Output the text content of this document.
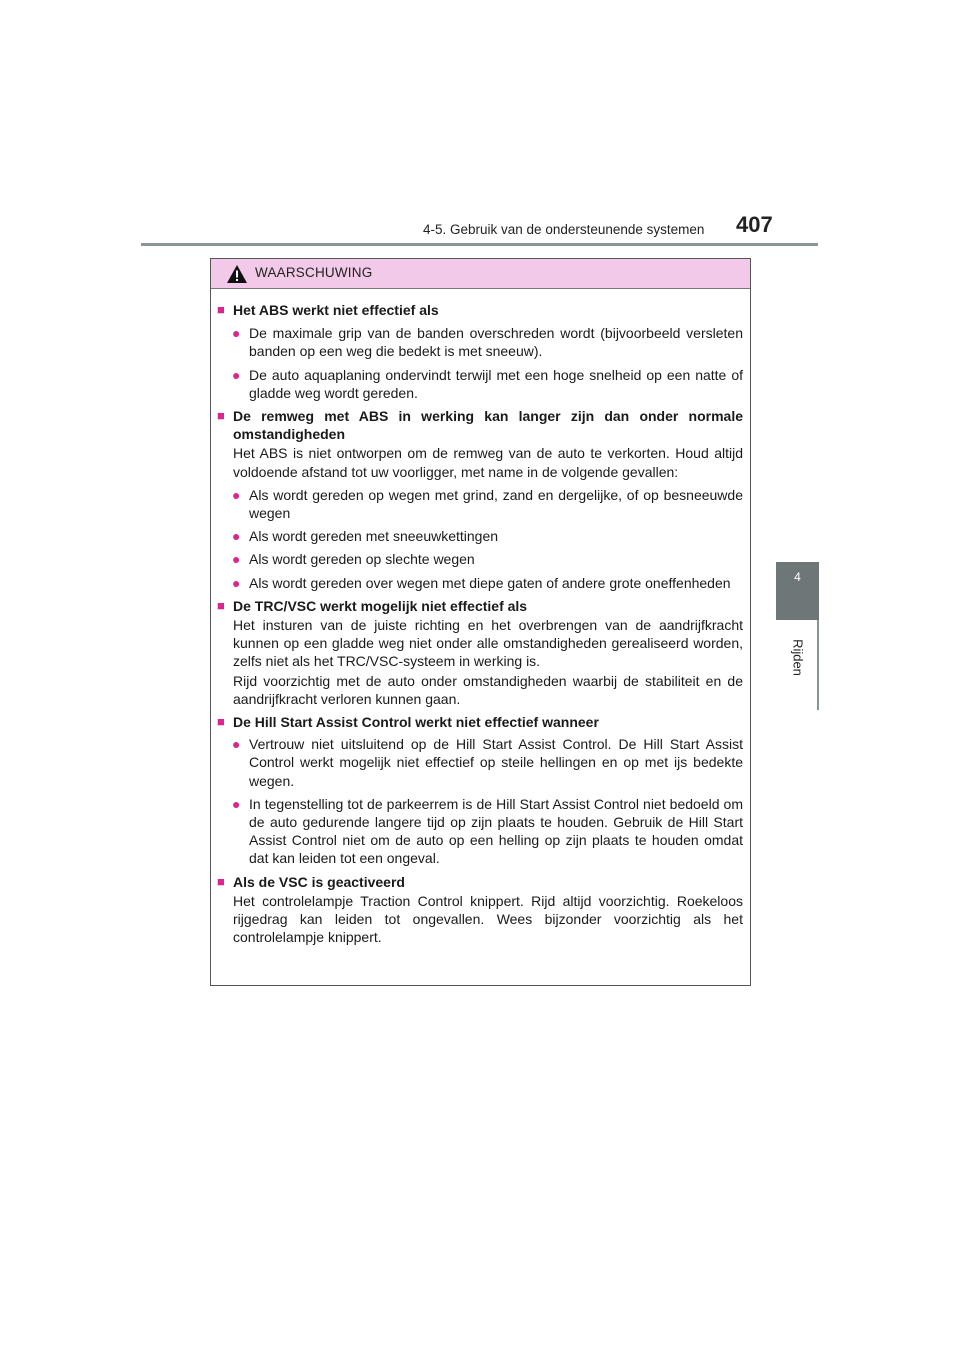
4-5. Gebruik van de ondersteunende systemen 407
4
Rijden
WAARSCHUWING
■ Het ABS werkt niet effectief als
● De maximale grip van de banden overschreden wordt (bijvoorbeeld versleten banden op een weg die bedekt is met sneeuw).
● De auto aquaplaning ondervindt terwijl met een hoge snelheid op een natte of gladde weg wordt gereden.
■ De remweg met ABS in werking kan langer zijn dan onder normale omstandigheden
Het ABS is niet ontworpen om de remweg van de auto te verkorten. Houd altijd voldoende afstand tot uw voorligger, met name in de volgende gevallen:
● Als wordt gereden op wegen met grind, zand en dergelijke, of op besneeuwde wegen
● Als wordt gereden met sneeuwkettingen
● Als wordt gereden op slechte wegen
● Als wordt gereden over wegen met diepe gaten of andere grote oneffenheden
■ De TRC/VSC werkt mogelijk niet effectief als
Het insturen van de juiste richting en het overbrengen van de aandrijfkracht kunnen op een gladde weg niet onder alle omstandigheden gerealiseerd worden, zelfs niet als het TRC/VSC-systeem in werking is.
Rijd voorzichtig met de auto onder omstandigheden waarbij de stabiliteit en de aandrijfkracht verloren kunnen gaan.
■ De Hill Start Assist Control werkt niet effectief wanneer
● Vertrouw niet uitsluitend op de Hill Start Assist Control. De Hill Start Assist Control werkt mogelijk niet effectief op steile hellingen en op met ijs bedekte wegen.
● In tegenstelling tot de parkeerrem is de Hill Start Assist Control niet bedoeld om de auto gedurende langere tijd op zijn plaats te houden. Gebruik de Hill Start Assist Control niet om de auto op een helling op zijn plaats te houden omdat dat kan leiden tot een ongeval.
■ Als de VSC is geactiveerd
Het controlelampje Traction Control knippert. Rijd altijd voorzichtig. Roekeloos rijgedrag kan leiden tot ongevallen. Wees bijzonder voorzichtig als het controlelampje knippert.
